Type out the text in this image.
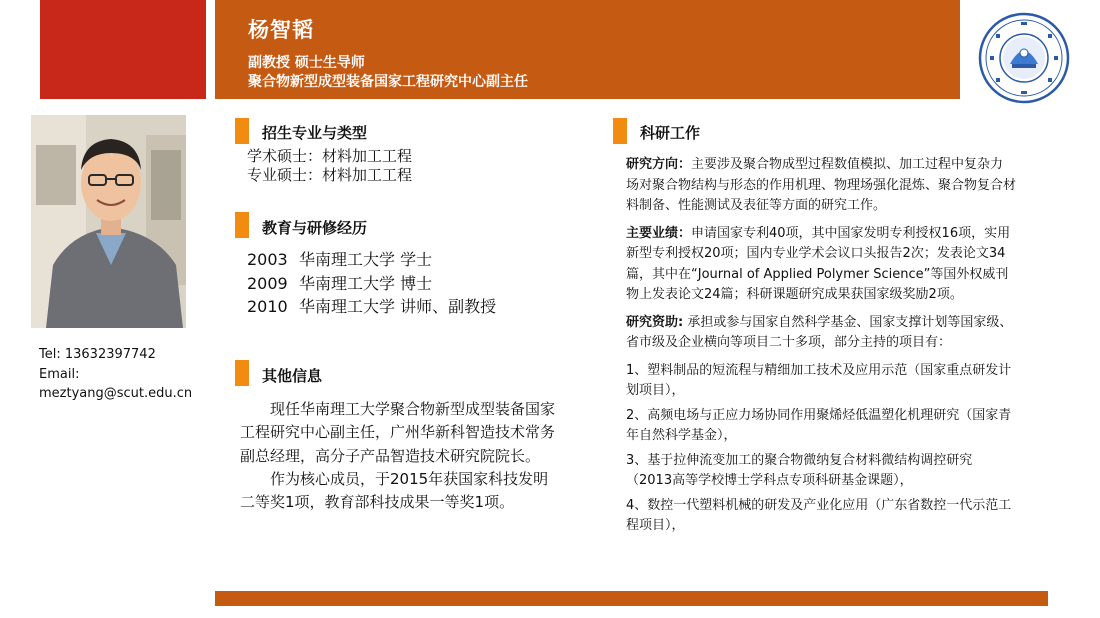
杨智韬
副教授 硕士生导师
聚合物新型成型装备国家工程研究中心副主任
Tel: 13632397742
Email:
meztyang@scut.edu.cn
招生专业与类型
学术硕士：材料加工工程
专业硕士：材料加工工程
教育与研修经历
2003 华南理工大学 学士
2009 华南理工大学 博士
2010 华南理工大学 讲师、副教授
其他信息

现任华南理工大学聚合物新型成型装备国家工程研究中心副主任，广州华新科智造技术常务副总经理，高分子产品智造技术研究院院长。

作为核心成员，于2015年获国家科技发明二等奖1项，教育部科技成果一等奖1项。

科研工作

研究方向：主要涉及聚合物成型过程数值模拟、加工过程中复杂力场对聚合物结构与形态的作用机理、物理场强化混炼、聚合物复合材料制备、性能测试及表征等方面的研究工作。

主要业绩：申请国家专利40项，其中国家发明专利授权16项，实用新型专利授权20项；国内专业学术会议口头报告2次；发表论文34篇，其中在“Journal of Applied Polymer Science”等国外权威刊物上发表论文24篇；科研课题研究成果获国家级奖励2项。

研究资助: 承担或参与国家自然科学基金、国家支撑计划等国家级、省市级及企业横向等项目二十多项，部分主持的项目有：

1、塑料制品的短流程与精细加工技术及应用示范（国家重点研发计划项目），

2、高频电场与正应力场协同作用聚烯烃低温塑化机理研究（国家青年自然科学基金），

3、基于拉伸流变加工的聚合物微纳复合材料微结构调控研究（2013高等学校博士学科点专项科研基金课题），

4、数控一代塑料机械的研发及产业化应用（广东省数控一代示范工程项目），
